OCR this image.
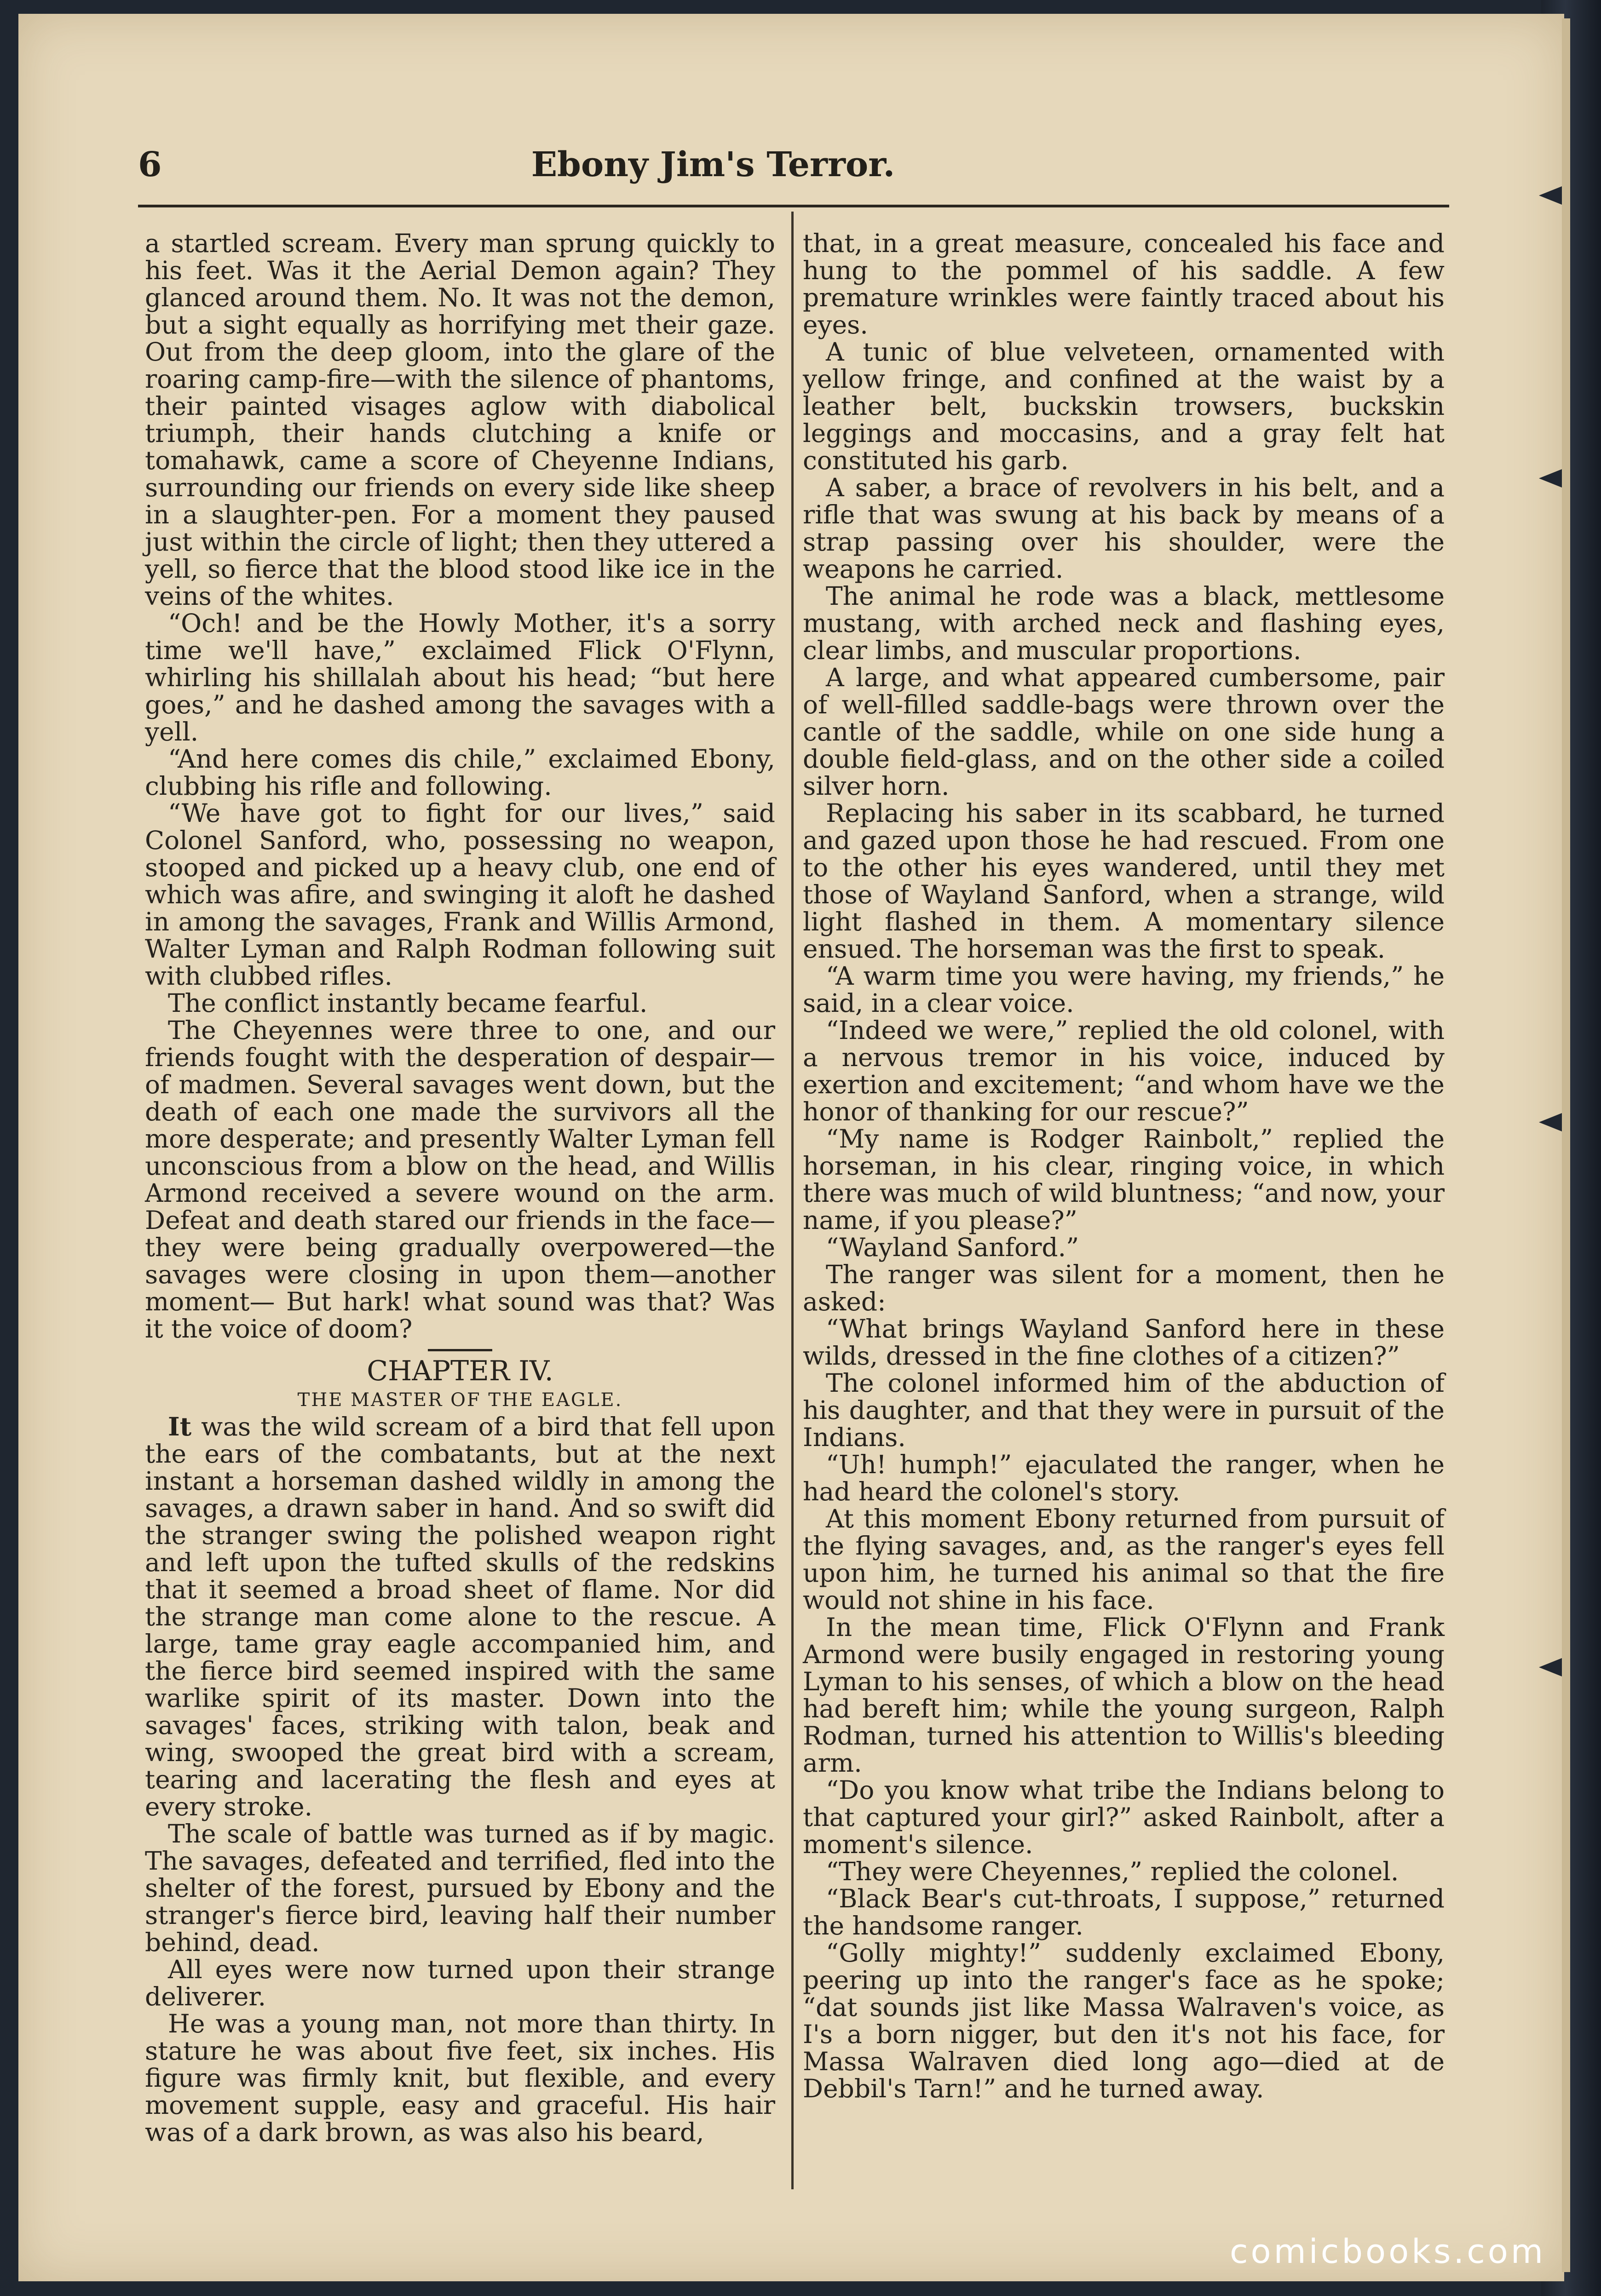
6	Ebony Jim's Terror.

a startled scream. Every man sprung quickly to his feet. Was it the Aerial Demon again? They glanced around them. No. It was not the demon, but a sight equally as horrifying met their gaze. Out from the deep gloom, into the glare of the roaring camp-fire—with the silence of phantoms, their painted visages aglow with diabolical triumph, their hands clutching a knife or tomahawk, came a score of Cheyenne Indians, surrounding our friends on every side like sheep in a slaughter-pen. For a moment they paused just within the circle of light; then they uttered a yell, so fierce that the blood stood like ice in the veins of the whites.

“Och! and be the Howly Mother, it's a sorry time we'll have,” exclaimed Flick O'Flynn, whirling his shillalah about his head; “but here goes,” and he dashed among the savages with a yell.

“And here comes dis chile,” exclaimed Ebony, clubbing his rifle and following.

“We have got to fight for our lives,” said Colonel Sanford, who, possessing no weapon, stooped and picked up a heavy club, one end of which was afire, and swinging it aloft he dashed in among the savages, Frank and Willis Armond, Walter Lyman and Ralph Rodman following suit with clubbed rifles.

The conflict instantly became fearful.

The Cheyennes were three to one, and our friends fought with the desperation of despair—of madmen. Several savages went down, but the death of each one made the survivors all the more desperate; and presently Walter Lyman fell unconscious from a blow on the head, and Willis Armond received a severe wound on the arm. Defeat and death stared our friends in the face—they were being gradually overpowered—the savages were closing in upon them—another moment— But hark! what sound was that? Was it the voice of doom?

CHAPTER IV.
THE MASTER OF THE EAGLE.

It was the wild scream of a bird that fell upon the ears of the combatants, but at the next instant a horseman dashed wildly in among the savages, a drawn saber in hand. And so swift did the stranger swing the polished weapon right and left upon the tufted skulls of the redskins that it seemed a broad sheet of flame. Nor did the strange man come alone to the rescue. A large, tame gray eagle accompanied him, and the fierce bird seemed inspired with the same warlike spirit of its master. Down into the savages' faces, striking with talon, beak and wing, swooped the great bird with a scream, tearing and lacerating the flesh and eyes at every stroke.

The scale of battle was turned as if by magic. The savages, defeated and terrified, fled into the shelter of the forest, pursued by Ebony and the stranger's fierce bird, leaving half their number behind, dead.

All eyes were now turned upon their strange deliverer.

He was a young man, not more than thirty. In stature he was about five feet, six inches. His figure was firmly knit, but flexible, and every movement supple, easy and graceful. His hair was of a dark brown, as was also his beard,

that, in a great measure, concealed his face and hung to the pommel of his saddle. A few premature wrinkles were faintly traced about his eyes.

A tunic of blue velveteen, ornamented with yellow fringe, and confined at the waist by a leather belt, buckskin trowsers, buckskin leggings and moccasins, and a gray felt hat constituted his garb.

A saber, a brace of revolvers in his belt, and a rifle that was swung at his back by means of a strap passing over his shoulder, were the weapons he carried.

The animal he rode was a black, mettlesome mustang, with arched neck and flashing eyes, clear limbs, and muscular proportions.

A large, and what appeared cumbersome, pair of well-filled saddle-bags were thrown over the cantle of the saddle, while on one side hung a double field-glass, and on the other side a coiled silver horn.

Replacing his saber in its scabbard, he turned and gazed upon those he had rescued. From one to the other his eyes wandered, until they met those of Wayland Sanford, when a strange, wild light flashed in them. A momentary silence ensued. The horseman was the first to speak.

“A warm time you were having, my friends,” he said, in a clear voice.

“Indeed we were,” replied the old colonel, with a nervous tremor in his voice, induced by exertion and excitement; “and whom have we the honor of thanking for our rescue?”

“My name is Rodger Rainbolt,” replied the horseman, in his clear, ringing voice, in which there was much of wild bluntness; “and now, your name, if you please?”

“Wayland Sanford.”

The ranger was silent for a moment, then he asked:

“What brings Wayland Sanford here in these wilds, dressed in the fine clothes of a citizen?”

The colonel informed him of the abduction of his daughter, and that they were in pursuit of the Indians.

“Uh! humph!” ejaculated the ranger, when he had heard the colonel's story.

At this moment Ebony returned from pursuit of the flying savages, and, as the ranger's eyes fell upon him, he turned his animal so that the fire would not shine in his face.

In the mean time, Flick O'Flynn and Frank Armond were busily engaged in restoring young Lyman to his senses, of which a blow on the head had bereft him; while the young surgeon, Ralph Rodman, turned his attention to Willis's bleeding arm.

“Do you know what tribe the Indians belong to that captured your girl?” asked Rainbolt, after a moment's silence.

“They were Cheyennes,” replied the colonel.

“Black Bear's cut-throats, I suppose,” returned the handsome ranger.

“Golly mighty!” suddenly exclaimed Ebony, peering up into the ranger's face as he spoke; “dat sounds jist like Massa Walraven's voice, as I's a born nigger, but den it's not his face, for Massa Walraven died long ago—died at de Debbil's Tarn!” and he turned away.

comicbooks.com
